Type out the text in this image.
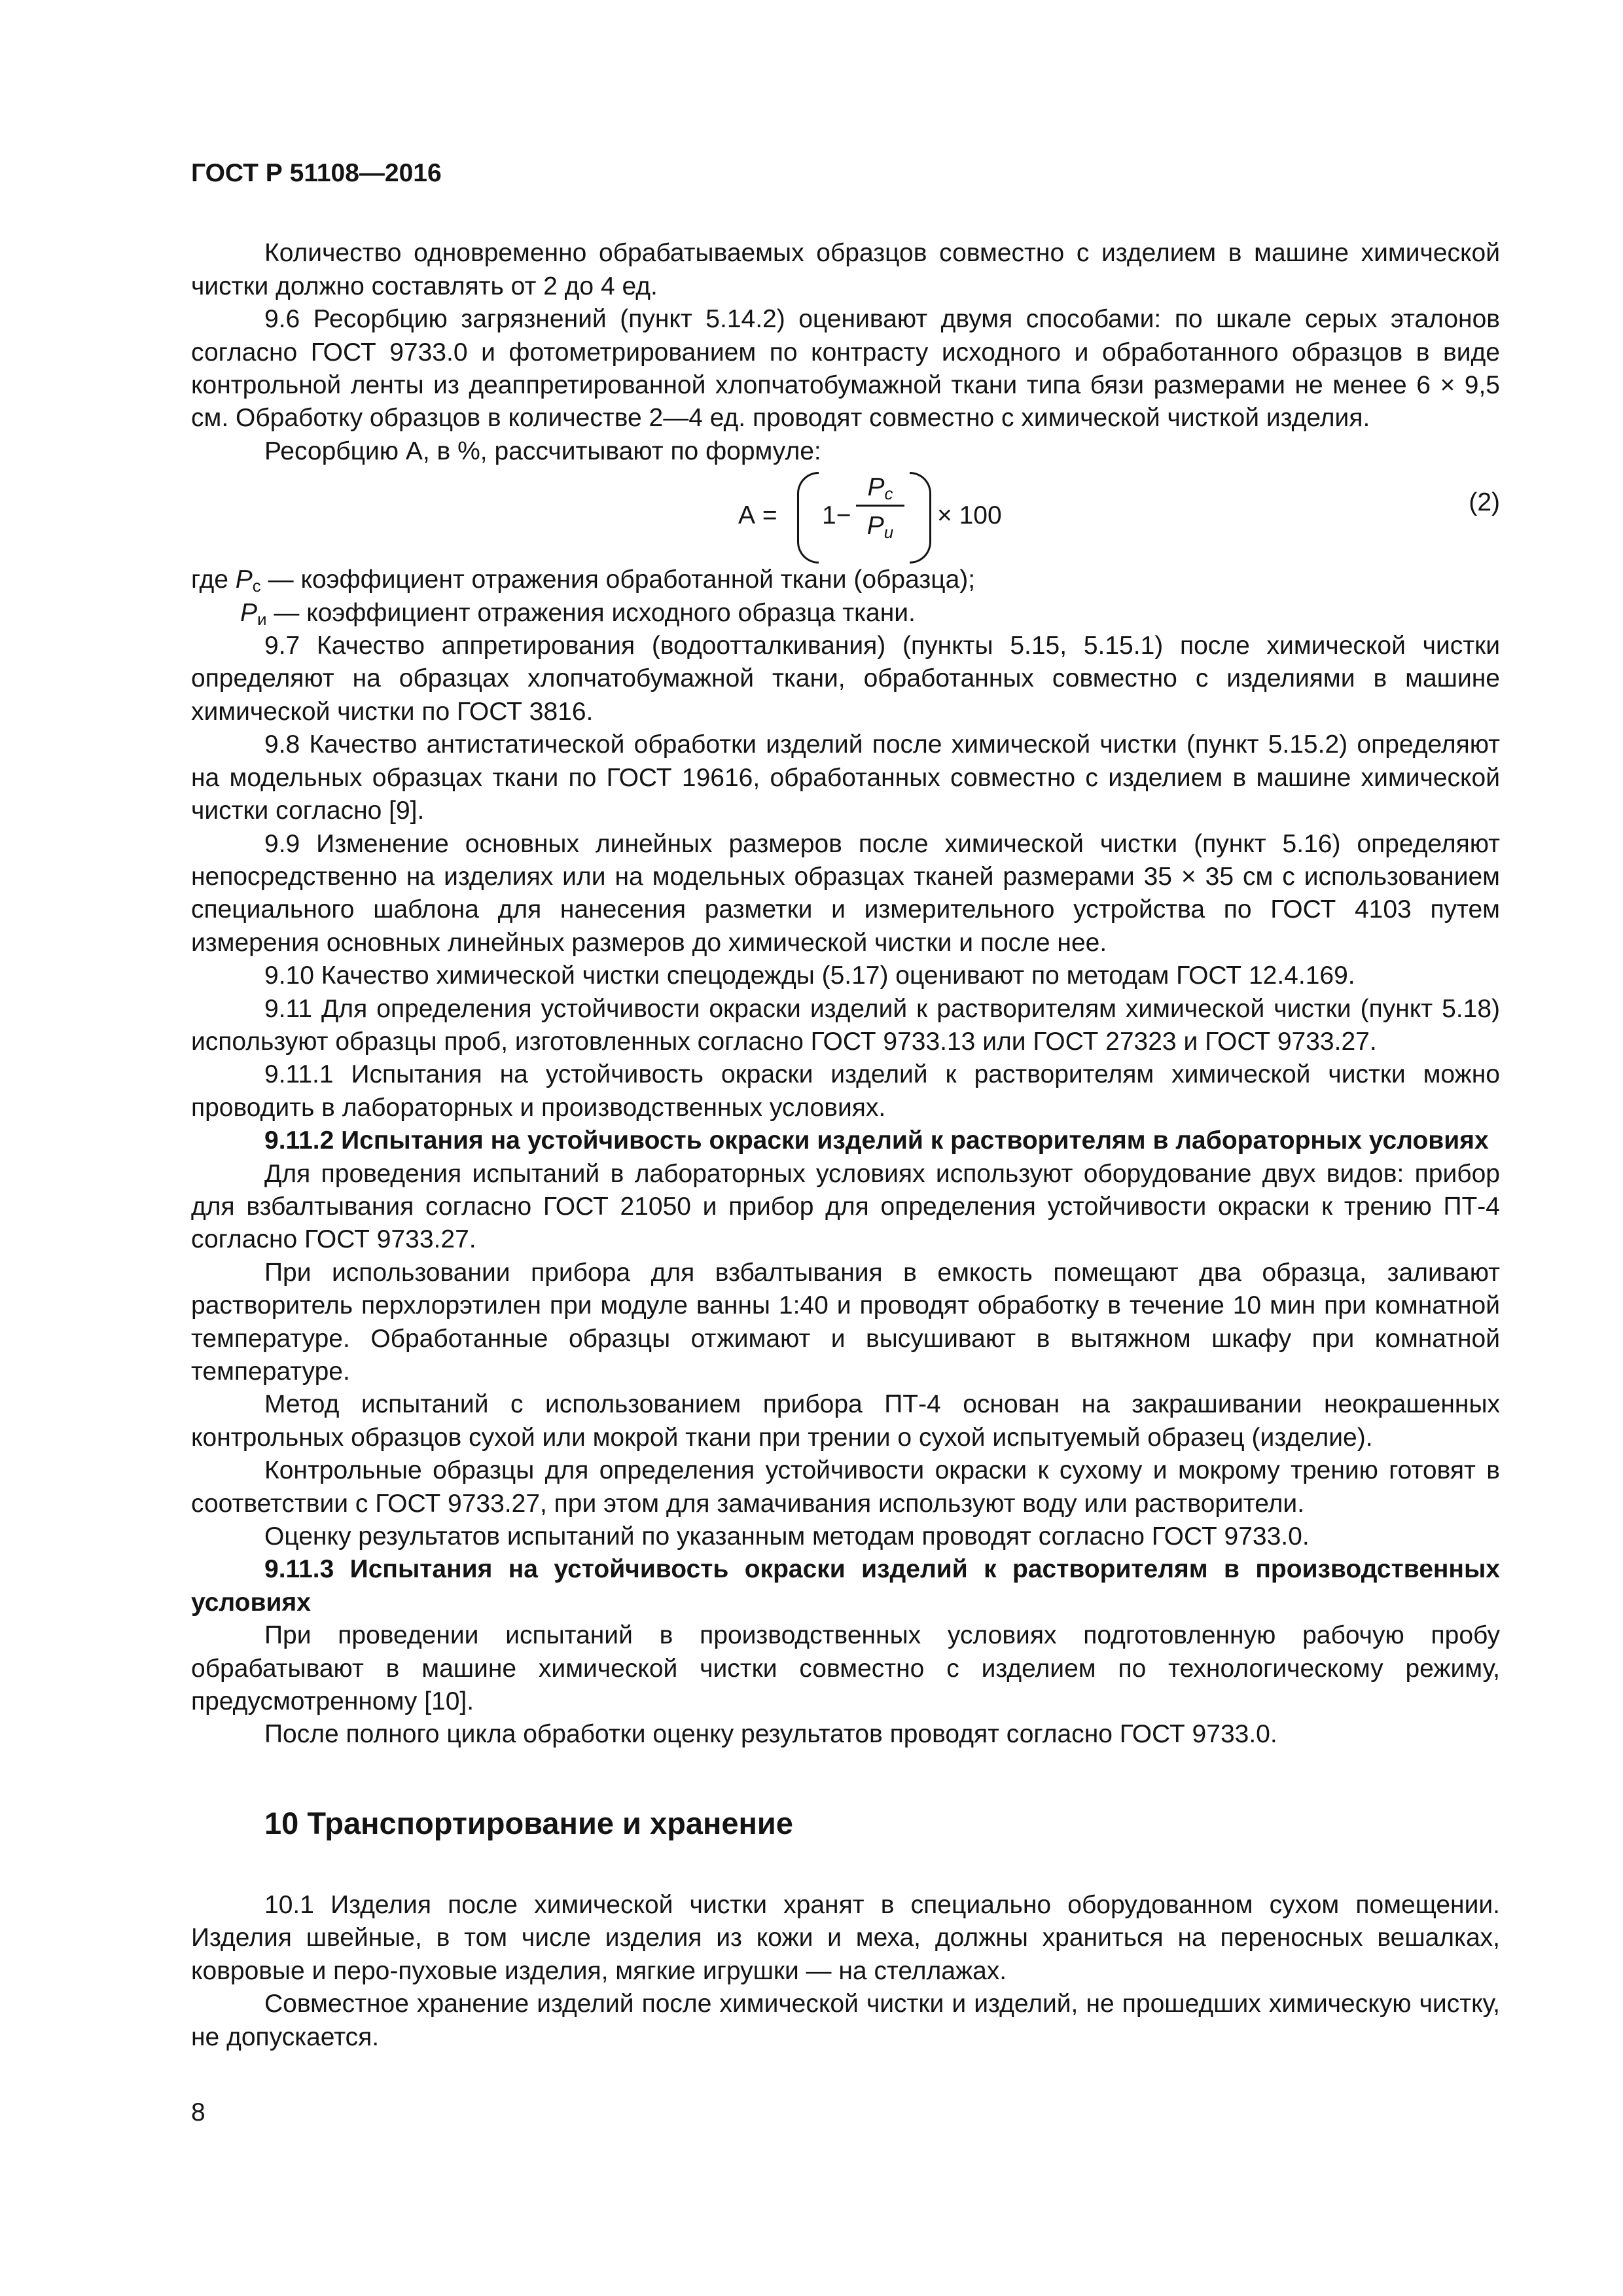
ГОСТ Р 51108—2016

Количество одновременно обрабатываемых образцов совместно с изделием в машине химической чистки должно составлять от 2 до 4 ед.

9.6 Ресорбцию загрязнений (пункт 5.14.2) оценивают двумя способами: по шкале серых эталонов согласно ГОСТ 9733.0 и фотометрированием по контрасту исходного и обработанного образцов в виде контрольной ленты из деаппретированной хлопчатобумажной ткани типа бязи размерами не менее 6 × 9,5 см. Обработку образцов в количестве 2—4 ед. проводят совместно с химической чисткой изделия.

Ресорбцию А, в %, рассчитывают по формуле:

А = 1−
$P_с$
$P_и$
× 100	(2)

где $P_с$ — коэффициент отражения обработанной ткани (образца);

$P_и$ — коэффициент отражения исходного образца ткани.

9.7 Качество аппретирования (водоотталкивания) (пункты 5.15, 5.15.1) после химической чистки определяют на образцах хлопчатобумажной ткани, обработанных совместно с изделиями в машине химической чистки по ГОСТ 3816.

9.8 Качество антистатической обработки изделий после химической чистки (пункт 5.15.2) определяют на модельных образцах ткани по ГОСТ 19616, обработанных совместно с изделием в машине химической чистки согласно [9].

9.9 Изменение основных линейных размеров после химической чистки (пункт 5.16) определяют непосредственно на изделиях или на модельных образцах тканей размерами 35 × 35 см с использованием специального шаблона для нанесения разметки и измерительного устройства по ГОСТ 4103 путем измерения основных линейных размеров до химической чистки и после нее.

9.10 Качество химической чистки спецодежды (5.17) оценивают по методам ГОСТ 12.4.169.

9.11 Для определения устойчивости окраски изделий к растворителям химической чистки (пункт 5.18) используют образцы проб, изготовленных согласно ГОСТ 9733.13 или ГОСТ 27323 и ГОСТ 9733.27.

9.11.1 Испытания на устойчивость окраски изделий к растворителям химической чистки можно проводить в лабораторных и производственных условиях.

9.11.2 Испытания на устойчивость окраски изделий к растворителям в лабораторных условиях

Для проведения испытаний в лабораторных условиях используют оборудование двух видов: прибор для взбалтывания согласно ГОСТ 21050 и прибор для определения устойчивости окраски к трению ПТ-4 согласно ГОСТ 9733.27.

При использовании прибора для взбалтывания в емкость помещают два образца, заливают растворитель перхлорэтилен при модуле ванны 1:40 и проводят обработку в течение 10 мин при комнатной температуре. Обработанные образцы отжимают и высушивают в вытяжном шкафу при комнатной температуре.

Метод испытаний с использованием прибора ПТ-4 основан на закрашивании неокрашенных контрольных образцов сухой или мокрой ткани при трении о сухой испытуемый образец (изделие).

Контрольные образцы для определения устойчивости окраски к сухому и мокрому трению готовят в соответствии с ГОСТ 9733.27, при этом для замачивания используют воду или растворители.

Оценку результатов испытаний по указанным методам проводят согласно ГОСТ 9733.0.

9.11.3 Испытания на устойчивость окраски изделий к растворителям в производственных условиях

При проведении испытаний в производственных условиях подготовленную рабочую пробу обрабатывают в машине химической чистки совместно с изделием по технологическому режиму, предусмотренному [10].

После полного цикла обработки оценку результатов проводят согласно ГОСТ 9733.0.

10 Транспортирование и хранение

10.1 Изделия после химической чистки хранят в специально оборудованном сухом помещении. Изделия швейные, в том числе изделия из кожи и меха, должны храниться на переносных вешалках, ковровые и перо-пуховые изделия, мягкие игрушки — на стеллажах.

Совместное хранение изделий после химической чистки и изделий, не прошедших химическую чистку, не допускается.

8
